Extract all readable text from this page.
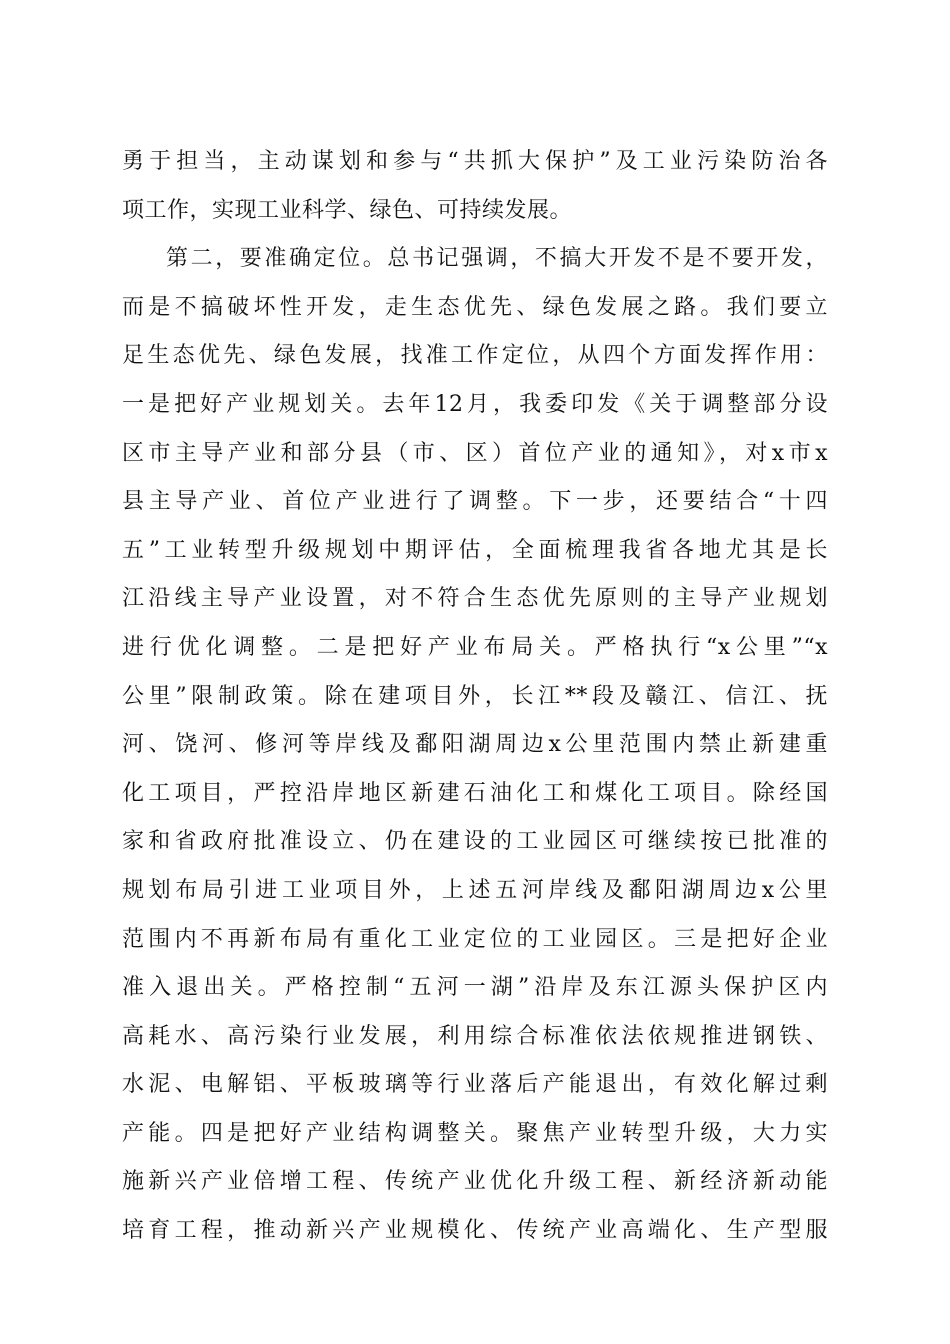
勇于担当，主动谋划和参与“共抓大保护”及工业污染防治各
项工作，实现工业科学、绿色、可持续发展。
第二，要准确定位。总书记强调，不搞大开发不是不要开发，
而是不搞破坏性开发，走生态优先、绿色发展之路。我们要立
足生态优先、绿色发展，找准工作定位，从四个方面发挥作用：
一是把好产业规划关。去年12月，我委印发《关于调整部分设
区市主导产业和部分县（市、区）首位产业的通知》，对x市x
县主导产业、首位产业进行了调整。下一步，还要结合“十四
五”工业转型升级规划中期评估，全面梳理我省各地尤其是长
江沿线主导产业设置，对不符合生态优先原则的主导产业规划
进行优化调整。二是把好产业布局关。严格执行“x公里”“x
公里”限制政策。除在建项目外，长江**段及赣江、信江、抚
河、饶河、修河等岸线及鄱阳湖周边x公里范围内禁止新建重
化工项目，严控沿岸地区新建石油化工和煤化工项目。除经国
家和省政府批准设立、仍在建设的工业园区可继续按已批准的
规划布局引进工业项目外，上述五河岸线及鄱阳湖周边x公里
范围内不再新布局有重化工业定位的工业园区。三是把好企业
准入退出关。严格控制“五河一湖”沿岸及东江源头保护区内
高耗水、高污染行业发展，利用综合标准依法依规推进钢铁、
水泥、电解铝、平板玻璃等行业落后产能退出，有效化解过剩
产能。四是把好产业结构调整关。聚焦产业转型升级，大力实
施新兴产业倍增工程、传统产业优化升级工程、新经济新动能
培育工程，推动新兴产业规模化、传统产业高端化、生产型服
